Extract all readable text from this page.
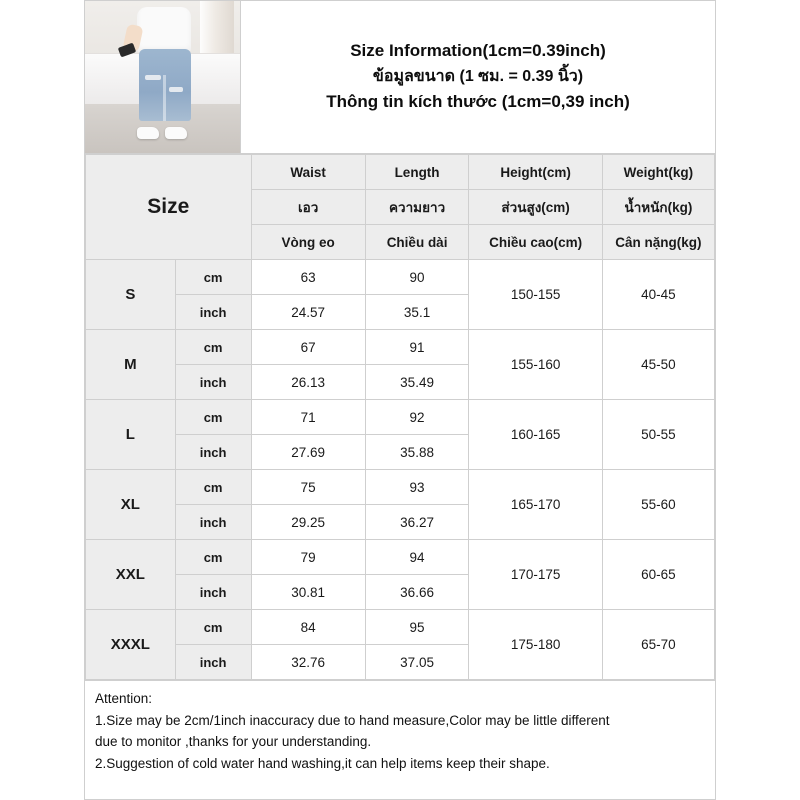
Size Information(1cm=0.39inch)
ข้อมูลขนาด (1 ซม. = 0.39 นิ้ว)
Thông tin kích thước (1cm=0,39 inch)
Size		Waist	Length	Height(cm)	Weight(kg)
		เอว	ความยาว	ส่วนสูง(cm)	น้ำหนัก(kg)
		Vòng eo	Chiều dài	Chiều cao(cm)	Cân nặng(kg)
S	cm	63	90	150-155	40-45
	inch	24.57	35.1		
M	cm	67	91	155-160	45-50
	inch	26.13	35.49		
L	cm	71	92	160-165	50-55
	inch	27.69	35.88		
XL	cm	75	93	165-170	55-60
	inch	29.25	36.27		
XXL	cm	79	94	170-175	60-65
	inch	30.81	36.66		
XXXL	cm	84	95	175-180	65-70
	inch	32.76	37.05		

Attention:

1.Size may be 2cm/1inch inaccuracy due to hand measure,Color may be little different

due to monitor ,thanks for your understanding.

2.Suggestion of cold water hand washing,it can help items keep their shape.
